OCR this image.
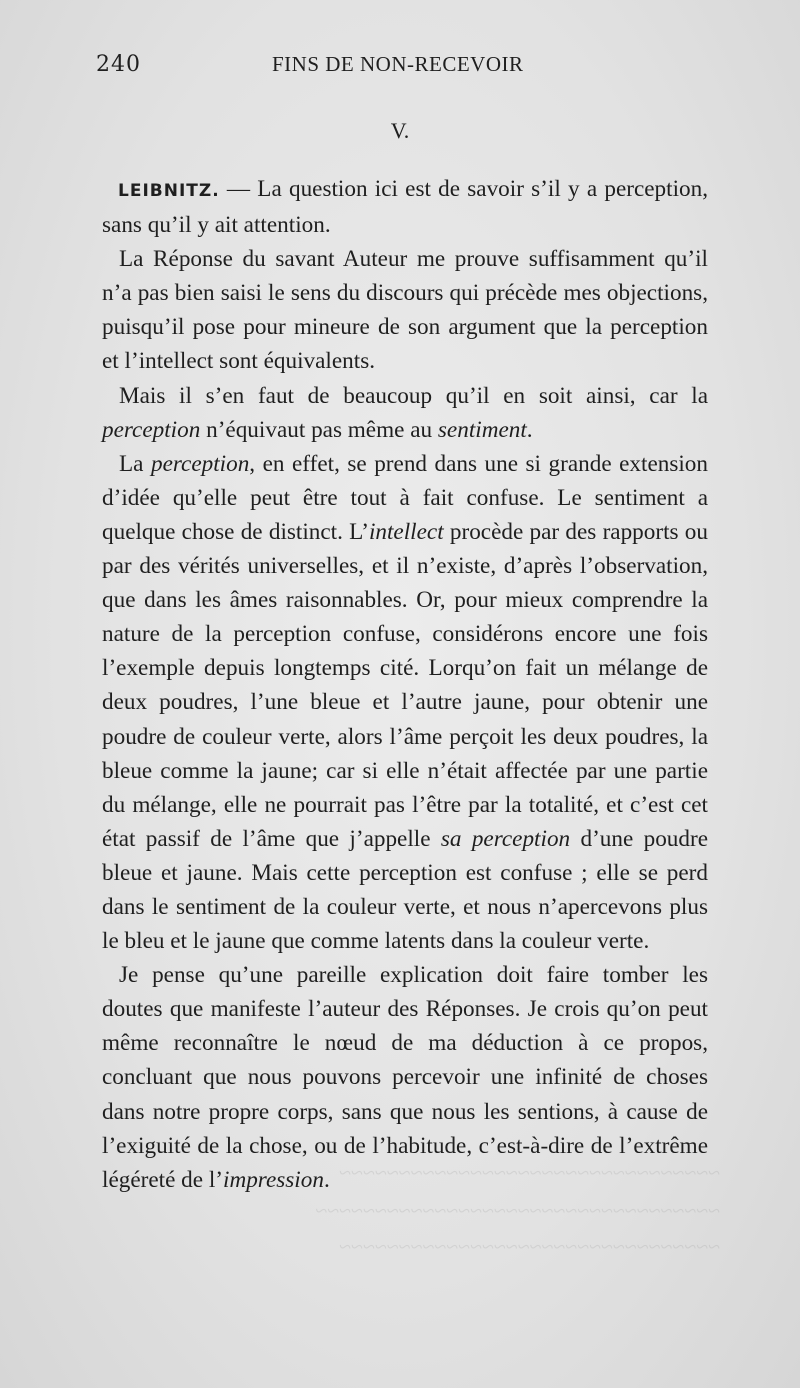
~~~~~~~~~~~~~~~~~~~~~~~~~~~~~~~~
~~~~~~~~~~~~~~~~~~~~~~~~~~~~~~~~~~
~~~~~~~~~~~~~~~~~~~~~~~~~~~~~~~~
240	FINS DE NON-RECEVOIR
V.

LEIBNITZ. — La question ici est de savoir s’il y a perception, sans qu’il y ait attention.

La Réponse du savant Auteur me prouve suffisamment qu’il n’a pas bien saisi le sens du discours qui précède mes objections, puisqu’il pose pour mineure de son argument que la perception et l’intellect sont équivalents.

Mais il s’en faut de beaucoup qu’il en soit ainsi, car la perception n’équivaut pas même au sentiment.

La perception, en effet, se prend dans une si grande extension d’idée qu’elle peut être tout à fait confuse. Le sentiment a quelque chose de distinct. L’intellect procède par des rapports ou par des vérités universelles, et il n’existe, d’après l’observation, que dans les âmes raisonnables. Or, pour mieux comprendre la nature de la perception confuse, considérons encore une fois l’exemple depuis longtemps cité. Lorqu’on fait un mélange de deux poudres, l’une bleue et l’autre jaune, pour obtenir une poudre de couleur verte, alors l’âme perçoit les deux poudres, la bleue comme la jaune; car si elle n’était affectée par une partie du mélange, elle ne pourrait pas l’être par la totalité, et c’est cet état passif de l’âme que j’appelle sa perception d’une poudre bleue et jaune. Mais cette perception est confuse ; elle se perd dans le sentiment de la couleur verte, et nous n’apercevons plus le bleu et le jaune que comme latents dans la couleur verte.

Je pense qu’une pareille explication doit faire tomber les doutes que manifeste l’auteur des Réponses. Je crois qu’on peut même reconnaître le nœud de ma déduction à ce propos, concluant que nous pouvons percevoir une infinité de choses dans notre propre corps, sans que nous les sentions, à cause de l’exiguité de la chose, ou de l’habitude, c’est-à-dire de l’extrême légéreté de l’impression.
